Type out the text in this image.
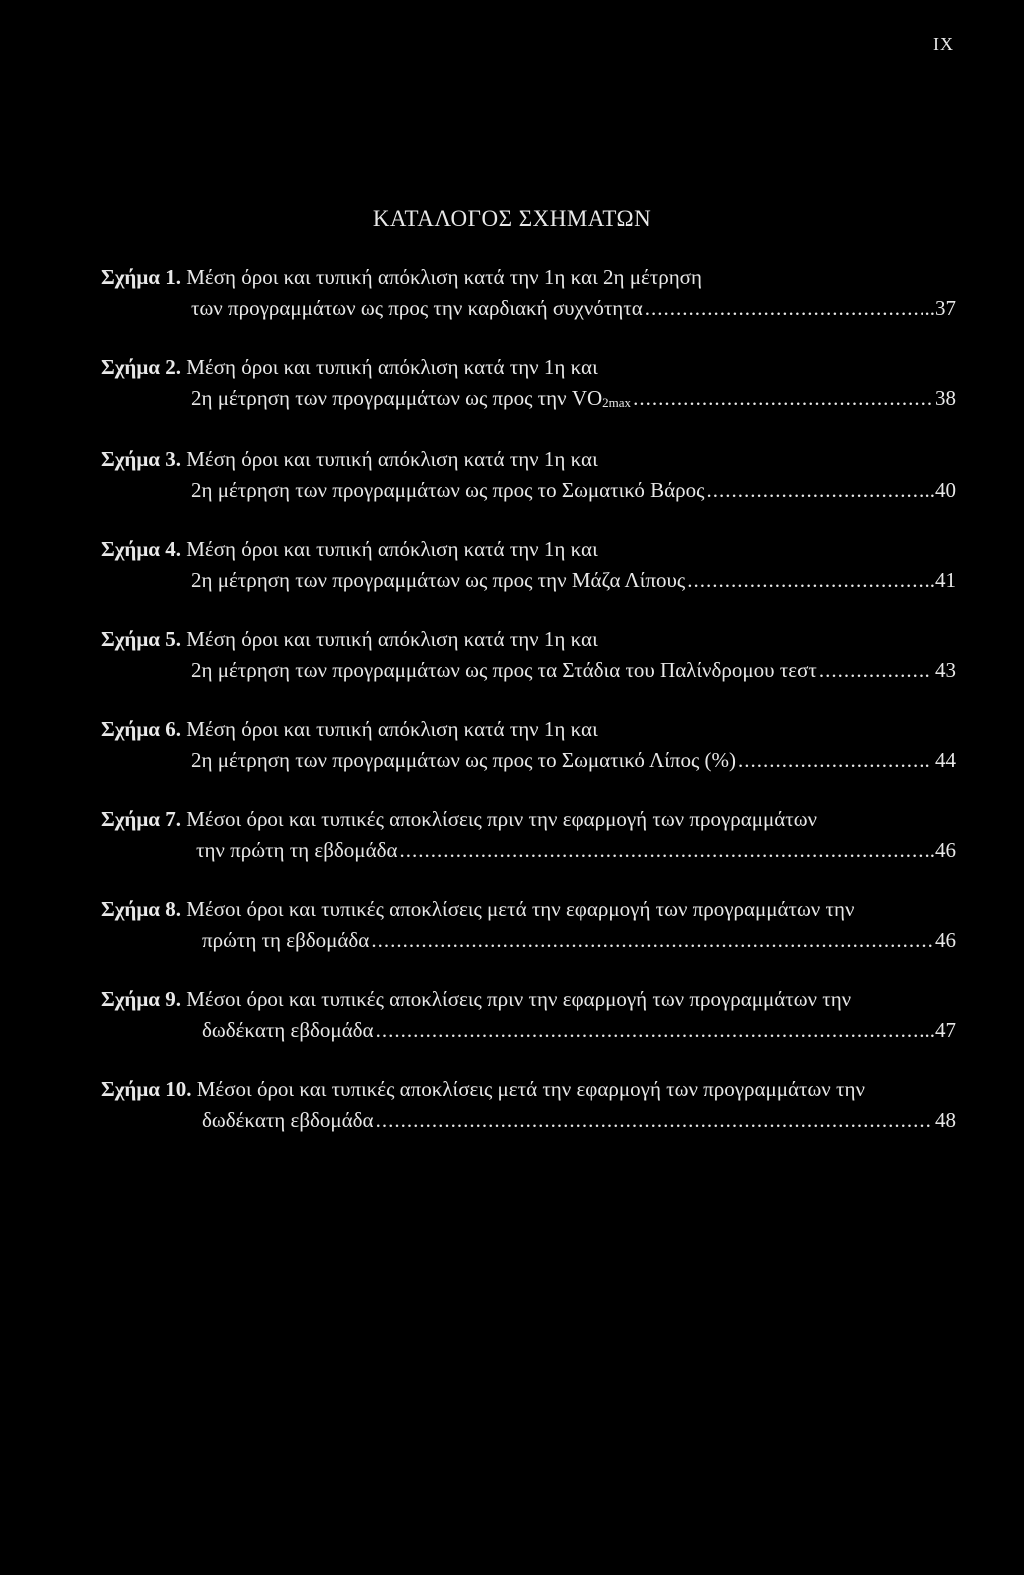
IX
ΚΑΤΑΛΟΓΟΣ ΣΧΗΜΑΤΩΝ
Σχήμα 1. Μέση όροι και τυπική απόκλιση κατά την 1η και 2η μέτρηση
των προγραμμάτων ως προς την καρδιακή συχνότητα .....	..37
Σχήμα 2. Μέση όροι και τυπική απόκλιση κατά την 1η και
2η μέτρηση των προγραμμάτων ως προς την $VO_{2max}$ .....	38
Σχήμα 3. Μέση όροι και τυπική απόκλιση κατά την 1η και
2η μέτρηση των προγραμμάτων ως προς το Σωματικό Βάρος .....	..40
Σχήμα 4. Μέση όροι και τυπική απόκλιση κατά την 1η και
2η μέτρηση των προγραμμάτων ως προς την Μάζα Λίπους .....	..41
Σχήμα 5. Μέση όροι και τυπική απόκλιση κατά την 1η και
2η μέτρηση των προγραμμάτων ως προς τα Στάδια του Παλίνδρομου τεστ .....	. 43
Σχήμα 6. Μέση όροι και τυπική απόκλιση κατά την 1η και
2η μέτρηση των προγραμμάτων ως προς το Σωματικό Λίπος (%) .....	. 44
Σχήμα 7. Μέσοι όροι και τυπικές αποκλίσεις πριν την εφαρμογή των προγραμμάτων
την πρώτη τη εβδομάδα .....	..46
Σχήμα 8. Μέσοι όροι και τυπικές αποκλίσεις μετά την εφαρμογή των προγραμμάτων την
πρώτη τη εβδομάδα .....	46
Σχήμα 9. Μέσοι όροι και τυπικές αποκλίσεις πριν την εφαρμογή των προγραμμάτων την
δωδέκατη εβδομάδα .....	...47
Σχήμα 10. Μέσοι όροι και τυπικές αποκλίσεις μετά την εφαρμογή των προγραμμάτων την
δωδέκατη εβδομάδα .....	48
